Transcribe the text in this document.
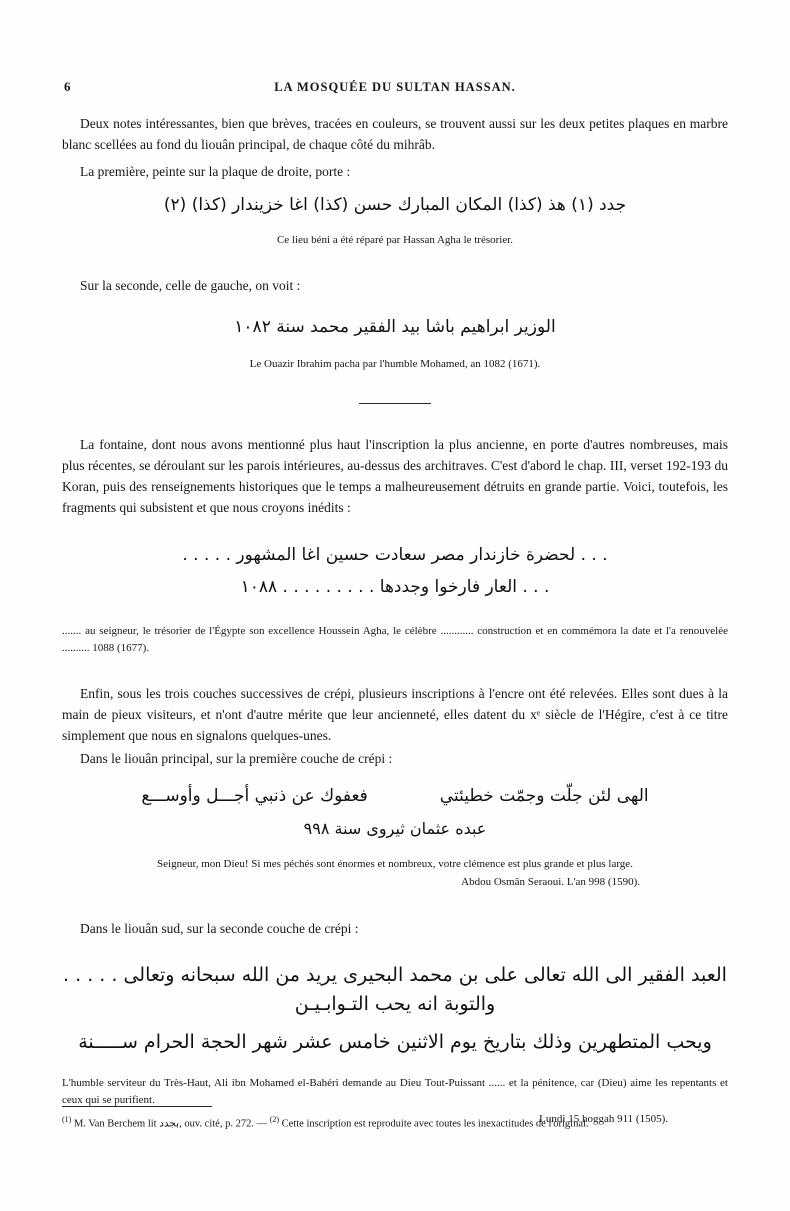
6	LA MOSQUÉE DU SULTAN HASSAN.

Deux notes intéressantes, bien que brèves, tracées en couleurs, se trouvent aussi sur les deux petites plaques en marbre blanc scellées au fond du liouân principal, de chaque côté du mihrâb.

La première, peinte sur la plaque de droite, porte :

جدد (١) هذ (كذا) المكان المبارك حسن (كذا) اغا خزيندار (كذا) (٢)

Ce lieu béni a été réparé par Hassan Agha le trésorier.

Sur la seconde, celle de gauche, on voit :

الوزير ابراهيم باشا بيد الفقير محمد سنة ١٠٨٢

Le Ouazir Ibrahim pacha par l'humble Mohamed, an 1082 (1671).

La fontaine, dont nous avons mentionné plus haut l'inscription la plus ancienne, en porte d'autres nombreuses, mais plus récentes, se déroulant sur les parois intérieures, au-dessus des architraves. C'est d'abord le chap. III, verset 192-193 du Koran, puis des renseignements historiques que le temps a malheureusement détruits en grande partie. Voici, toutefois, les fragments qui subsistent et que nous croyons inédits :

. . . لحضرة خازندار مصر سعادت حسين اغا المشهور . . . . .
. . . العار فارخوا وجددها . . . . . . . . . ١٠٨٨

....... au seigneur, le trésorier de l'Égypte son excellence Houssein Agha, le célèbre ............ construction et en commémora la date et l'a renouvelée .......... 1088 (1677).

Enfin, sous les trois couches successives de crépi, plusieurs inscriptions à l'encre ont été relevées. Elles sont dues à la main de pieux visiteurs, et n'ont d'autre mérite que leur ancienneté, elles datent du xᵉ siècle de l'Hégire, c'est à ce titre simplement que nous en signalons quelques-unes.

Dans le liouân principal, sur la première couche de crépi :

فعفوك عن ذنبي أجـــل وأوســـع	الهى لئن جلّت وجمّت خطيئتي
عبده عثمان ثيروى سنة ٩٩٨

Seigneur, mon Dieu! Si mes péchés sont énormes et nombreux, votre clémence est plus grande et plus large.

Abdou Osmân Seraoui. L'an 998 (1590).

Dans le liouân sud, sur la seconde couche de crépi :

العبد الفقير الى الله تعالى على بن محمد البحيرى يريد من الله سبحانه وتعالى . . . . . والتوبة انه يحب التـوابـيـن
ويحب المتطهرين وذلك بتاريخ يوم الاثنين خامس عشر شهر الحجة الحرام ســـــنة

L'humble serviteur du Très-Haut, Ali ibn Mohamed el-Bahéri demande au Dieu Tout-Puissant ...... et la pénitence, car (Dieu) aime les repentants et ceux qui se purifient.

Lundi 15 hoggah 911 (1505).

$^{(1)}$ M. Van Berchem lit بجدد, ouv. cité, p. 272. — $^{(2)}$ Cette inscription est reproduite avec toutes les inexactitudes de l'original.
